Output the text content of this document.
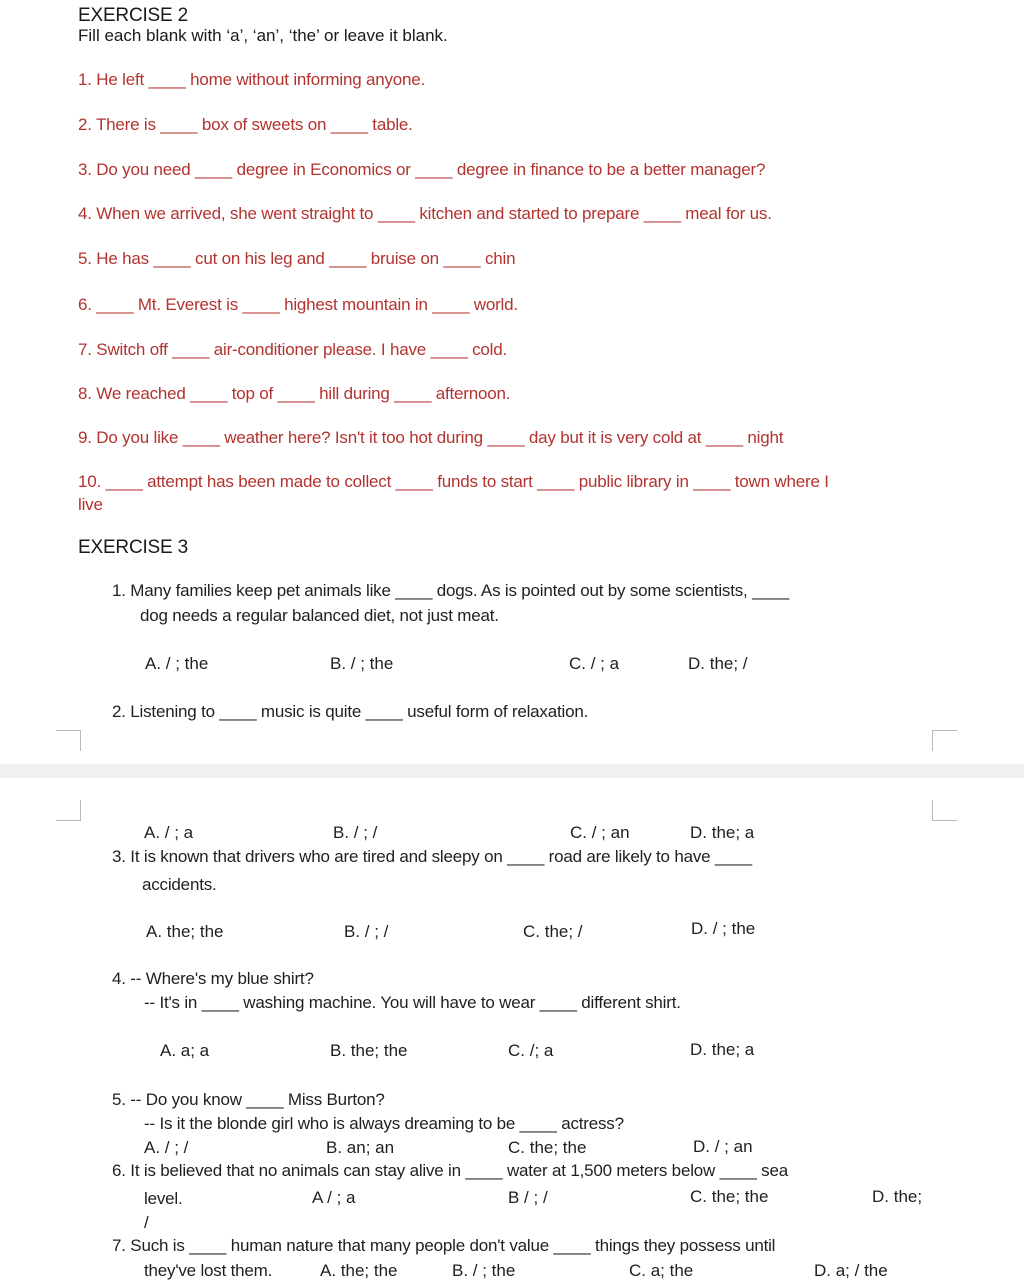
EXERCISE 2
Fill each blank with ‘a’, ‘an’, ‘the’ or leave it blank.
1. He left ____ home without informing anyone.
2. There is ____ box of sweets on ____ table.
3. Do you need ____ degree in Economics or ____ degree in finance to be a better manager?
4. When we arrived, she went straight to ____ kitchen and started to prepare ____ meal for us.
5. He has ____ cut on his leg and ____ bruise on ____ chin
6. ____ Mt. Everest is ____ highest mountain in ____ world.
7. Switch off ____ air-conditioner please. I have ____ cold.
8. We reached ____ top of ____ hill during ____ afternoon.
9. Do you like ____ weather here? Isn't it too hot during ____ day but it is very cold at ____ night
10. ____ attempt has been made to collect ____ funds to start ____ public library in ____ town where I
live
EXERCISE 3
1. Many families keep pet animals like ____ dogs. As is pointed out by some scientists, ____
dog needs a regular balanced diet, not just meat.
A. / ; the	B. / ; the	C. / ; a	D. the; /
2. Listening to ____ music is quite ____ useful form of relaxation.
A. / ; a	B. / ; /	C. / ; an	D. the; a
3. It is known that drivers who are tired and sleepy on ____ road are likely to have ____
accidents.
A. the; the	B. / ; /	C. the; /	D. / ; the
4. -- Where's my blue shirt?
-- It's in ____ washing machine. You will have to wear ____ different shirt.
A. a; a	B. the; the	C. /; a	D. the; a
5. -- Do you know ____ Miss Burton?
-- Is it the blonde girl who is always dreaming to be ____ actress?
A. / ; /	B. an; an	C. the; the	D. / ; an
6. It is believed that no animals can stay alive in ____ water at 1,500 meters below ____ sea
level.	A / ; a	B / ; /	C. the; the	D. the;
/
7. Such is ____ human nature that many people don't value ____ things they possess until
they've lost them.	A. the; the	B. / ; the	C. a; the	D. a; / the
